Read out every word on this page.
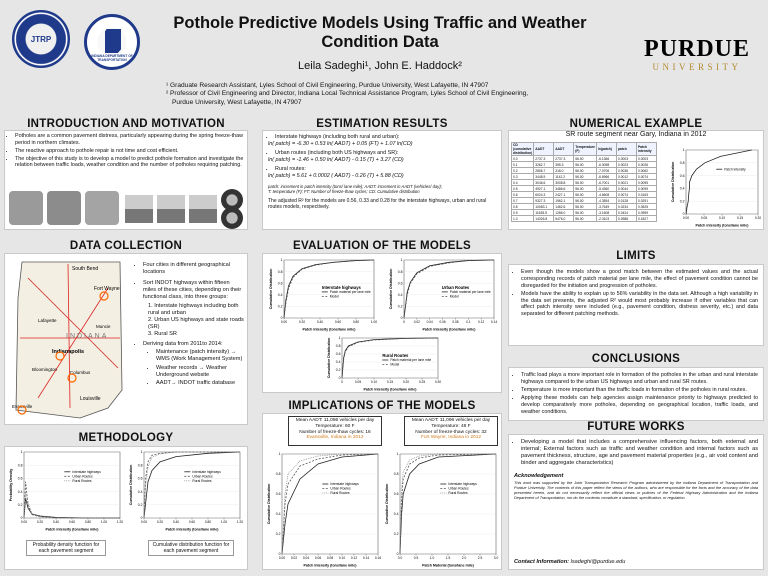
JTRP
INDIANA DEPARTMENT OF TRANSPORTATION	PURDUE
UNIVERSITY
Pothole Predictive Models Using Traffic and Weather Condition Data
Leila Sadeghi¹, John E. Haddock²
¹ Graduate Research Assistant, Lyles School of Civil Engineering, Purdue University, West Lafayette, IN 47907
² Professor of Civil Engineering and Director, Indiana Local Technical Assistance Program, Lyles School of Civil Engineering,
Purdue University, West Lafayette, IN 47907
INTRODUCTION AND MOTIVATION
• Potholes are a common pavement distress, particularly appearing during the spring freeze-thaw period in northern climates.
• The reactive approach to pothole repair is not time and cost efficient.
• The objective of this study is to develop a model to predict pothole formation and investigate the relation between traffic loads, weather condition and the number of potholes requiring patching.
DATA COLLECTION
South Bend
Fort Wayne
Lafayette
Muncie
INDIANA
Indianapolis
Bloomington
Columbus
Evansville
Louisville
• Four cities in different geographical locations
• Sort INDOT highways within fifteen miles of these cities, depending on their functional class, into three groups:
1. Interstate highways including both rural and urban
2. Urban US highways and state roads (SR)
3. Rural SR
• Deriving data from 2011to 2014:
• Maintenance (patch intensity) → WMS (Work Management System)
• Weather records → Weather Underground website
• AADT→ INDOT traffic database
METHODOLOGY
0
0.2
0.4
0.6
0.8
1
0.00	0.20	0.40	0.60	0.80	1.00	1.20
Patch intensity (tons/lane mile)
Probability Density	Interstate highways
Urban Routes
Rural Routes
0
0.2
0.4
0.6
0.8
1
0.00	0.20	0.40	0.60	0.80	1.00	1.20
Patch intensity (tons/lane mile)
Cumulative Distribution	Interstate highways
Urban Routes
Rural Routes
Probability density function for each pavement segment
Cumulative distribution function for each pavement segment
ESTIMATION RESULTS
• Interstate highways (including both rural and urban):
ln( patch) = -6.30 + 0.53 ln( AADT) + 0.05 (FT) + 1.07 ln(CD)
• Urban routes (including both US highways and SR):
ln( patch) = -1.46 + 0.50 ln( AADT) - 0.15 (T) + 3.27 (CD)
• Rural routes:
ln( patch) = 5.61 + 0.0002 ( AADT) - 0.26 (T) + 5.88 (CD)
patch: increment in patch intensity (tons/ lane mile); AADT: increment in AADT (vehicles/ day);
T: temperature (F); FT: Number of freeze-thaw cycles; CD: Cumulative distribution
The adjusted R² for the models are 0.56, 0.33 and 0.28 for the interstate highways, urban and rural routes models, respectively.
EVALUATION OF THE MODELS
0
0.2
0.4
0.6
0.8
1
0.00	0.20	0.40	0.60	0.80	1.00
Patch Intensity (tons/lane mile)
Cumulative Distribution	Interstate highways
Patch material per lane mile
Model
0
0.2
0.4
0.6
0.8
1
0	0.02 0.04 0.06 0.08 0.1 0.12 0.14
Patch Intensity (tons/lane mile)
Cumulative Distribution	Urban Routes
Patch material per lane mile
Model
0
0.2
0.4
0.6
0.8
1
0	0.05	0.10	0.15	0.20	0.25	0.30
Patch Intensity (tons/lane mile)
Cumulative Distribution	Rural Routes
Patch material per lane mile
Model
IMPLICATIONS OF THE MODELS
Mean AADT: 11,096 vehicles per day
Temperature: 60 F
Number of freeze-thaw cycles: 16
Evansville, Indiana in 2012
Mean AADT: 11,096 vehicles per day
Temperature: 48 F
Number of freeze-thaw cycles: 32
Fort Wayne, Indiana in 2012
0
0.2
0.4
0.6
0.8
1
0.00 0.02 0.04 0.06 0.08 0.10 0.12 0.14 0.16
Patch Intensity (tons/lane mile)
Cumulative Distribution	Interstate highways
Urban Routes
Rural Routes
0
0.2
0.4
0.6
0.8
1
0.0	0.5	1.0	1.5	2.0	2.5	3.0
Patch Material (tons/lane mile)
Cumulative Distribution	Interstate highways
Urban Routes
Rural Routes
NUMERICAL EXAMPLE
SR route segment near Gary, Indiana in 2012
CD (cumulative distribution)	AADT	AADT	Temperature (F)	ln(patch)	patch	Patch intensity
0.0	2737.3	2737.3	56.00	-6.1366	0.0003	0.0003
0.1	3262.7	355.3	56.00	-6.3098	0.0023	0.0026
0.2	2806.7	318.0	56.00	-7.0706	0.0036	0.0062
0.3	3448.9	1142.2	56.00	-6.6966	0.0012	0.0074
0.4	3046.6	3008.8	56.00	-6.7001	0.0021	0.0095
0.5	4927.1	3486.6	56.00	-5.4360	0.0044	0.0099
0.6	6024.3	2427.1	56.00	-4.6608	0.0074	0.0163
0.7	9327.3	1962.1	56.00	-4.3554	0.0128	0.0291
0.8	10083.1	1462.6	56.00	-3.7649	0.0234	0.0525
0.9	11635.5	1286.0	56.00	-3.1608	0.0424	0.0959
1.0	14326.8	5476.0	56.00	-2.3103	0.0988	0.1827
0
0.2
0.4
0.6
0.8
1
0.00	0.05	0.10	0.15	0.20
Patch intensity (tons/lane mile)
Cumulative Distribution	Patch intensity
LIMITS
• Even though the models show a good match between the estimated values and the actual corresponding records of patch material per lane mile, the effect of pavement condition cannot be disregarded for the initiation and progression of potholes.
• Models have the ability to explain up to 56% variability in the data set. Although a high variability in the data set presents, the adjusted R² would most probably increase if other variables that can affect patch intensity were included (e.g., pavement condition, distress severity, etc.) and data separated for different patching methods.
CONCLUSIONS
• Traffic load plays a more important role in formation of the potholes in the urban and rural interstate highways compared to the urban US highways and urban and rural SR routes.
• Temperature is more important than the traffic loads in formation of the potholes in rural routes.
• Applying these models can help agencies assign maintenance priority to highways predicted to develop comparatively more potholes, depending on geographical location, traffic loads, and weather conditions.
FUTURE WORKS
• Developing a model that includes a comprehensive influencing factors, both external and internal; External factors such as traffic and weather condition and internal factors such as pavement thickness, structure, age and pavement material properties (e.g., air void content and binder and aggregate characteristics)
Acknowledgement
This work was supported by the Joint Transportation Research Program administered by the Indiana Department of Transportation and Purdue University. The contents of this paper reflect the views of the authors, who are responsible for the facts and the accuracy of the data presented herein, and do not necessarily reflect the official views or policies of the Federal Highway Administration and the Indiana Department of Transportation, nor do the contents constitute a standard, specification, or regulation.
Contact Information: lsadeghi@purdue.edu
